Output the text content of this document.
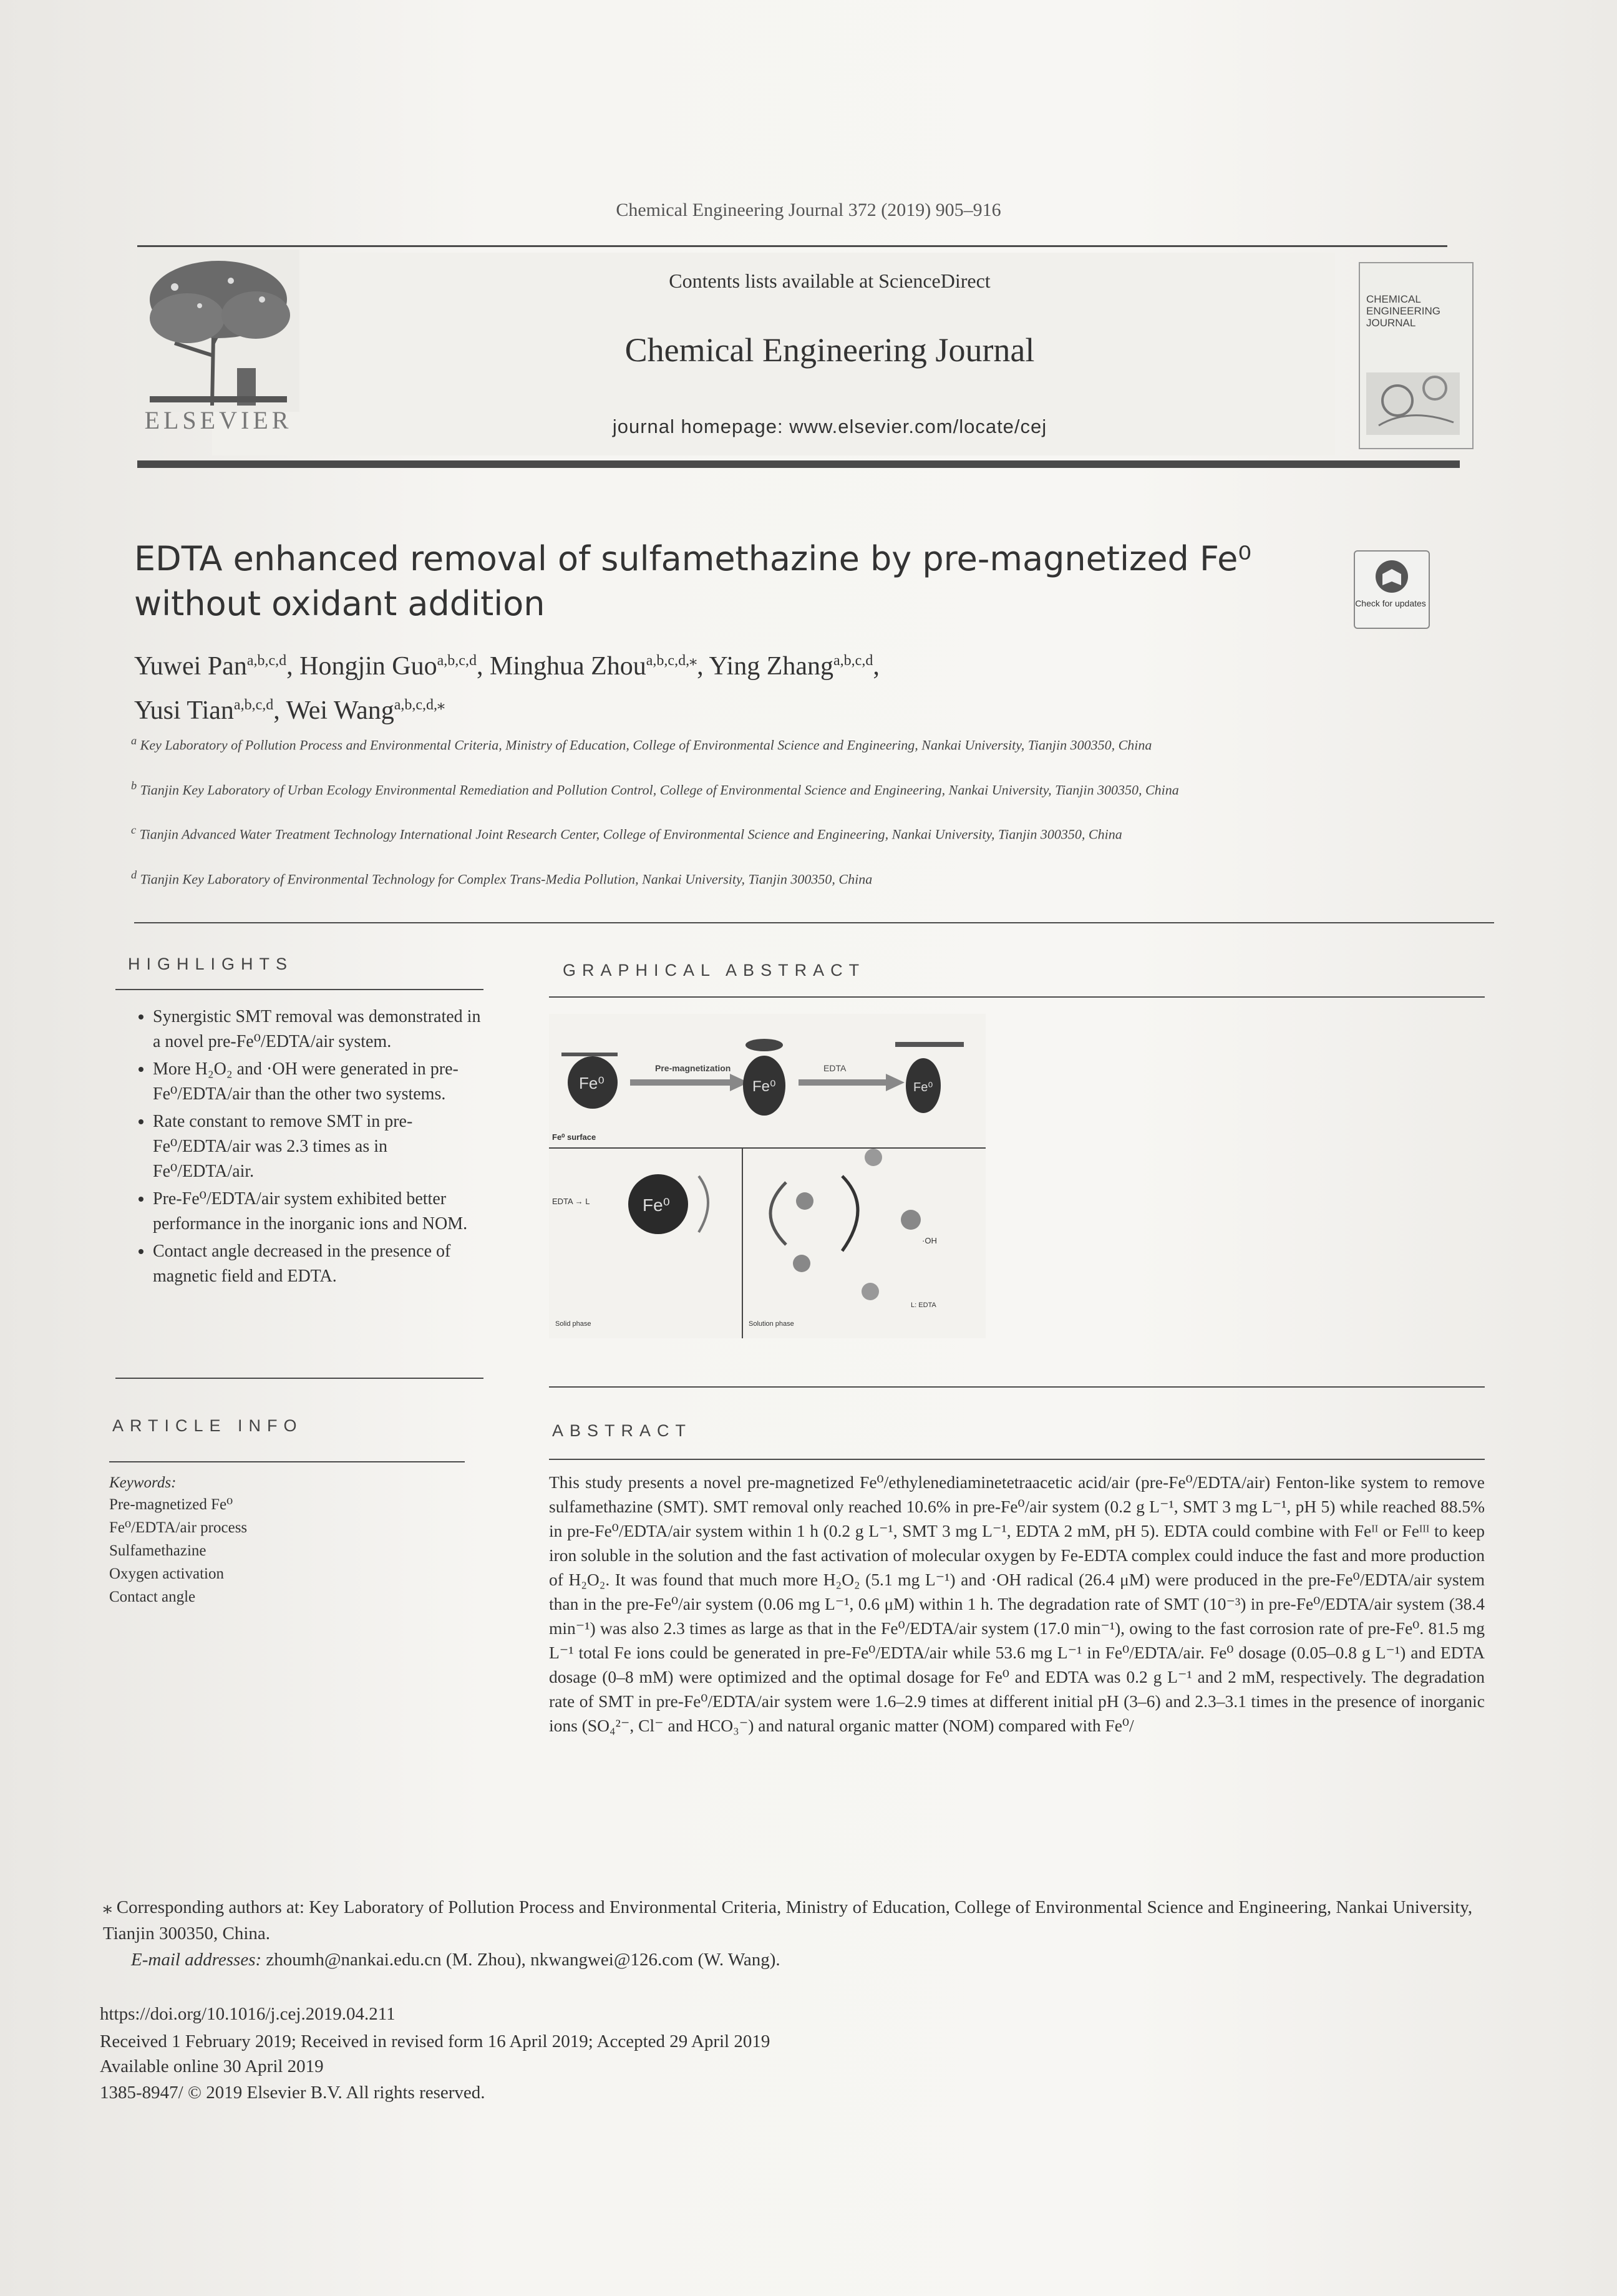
Chemical Engineering Journal 372 (2019) 905–916
ELSEVIER
Contents lists available at ScienceDirect
Chemical Engineering Journal
journal homepage: www.elsevier.com/locate/cej
CHEMICAL ENGINEERING JOURNAL
EDTA enhanced removal of sulfamethazine by pre-magnetized Fe⁰ without oxidant addition	Check for updates
Yuwei Pan$^{a,b,c,d}$, Hongjin Guo$^{a,b,c,d}$, Minghua Zhou$^{a,b,c,d,⁎}$, Ying Zhang$^{a,b,c,d}$,
Yusi Tian$^{a,b,c,d}$, Wei Wang$^{a,b,c,d,⁎}$
$^a$ Key Laboratory of Pollution Process and Environmental Criteria, Ministry of Education, College of Environmental Science and Engineering, Nankai University, Tianjin 300350, China
$^b$ Tianjin Key Laboratory of Urban Ecology Environmental Remediation and Pollution Control, College of Environmental Science and Engineering, Nankai University, Tianjin 300350, China
$^c$ Tianjin Advanced Water Treatment Technology International Joint Research Center, College of Environmental Science and Engineering, Nankai University, Tianjin 300350, China
$^d$ Tianjin Key Laboratory of Environmental Technology for Complex Trans-Media Pollution, Nankai University, Tianjin 300350, China
HIGHLIGHTS
• Synergistic SMT removal was demonstrated in a novel pre-Fe⁰/EDTA/air system.
• More H₂O₂ and ·OH were generated in pre-Fe⁰/EDTA/air than the other two systems.
• Rate constant to remove SMT in pre-Fe⁰/EDTA/air was 2.3 times as in Fe⁰/EDTA/air.
• Pre-Fe⁰/EDTA/air system exhibited better performance in the inorganic ions and NOM.
• Contact angle decreased in the presence of magnetic field and EDTA.
GRAPHICAL ABSTRACT
Fe⁰
Pre-magnetization
Fe⁰
EDTA
Fe⁰
Fe⁰ surface
EDTA → L	Fe⁰
·OH
Solid phase	Solution phase
L: EDTA
ARTICLE INFO
Keywords:
Pre-magnetized Fe⁰
Fe⁰/EDTA/air process
Sulfamethazine
Oxygen activation
Contact angle
ABSTRACT
This study presents a novel pre-magnetized Fe⁰/ethylenediaminetetraacetic acid/air (pre-Fe⁰/EDTA/air) Fenton-like system to remove sulfamethazine (SMT). SMT removal only reached 10.6% in pre-Fe⁰/air system (0.2 g L⁻¹, SMT 3 mg L⁻¹, pH 5) while reached 88.5% in pre-Fe⁰/EDTA/air system within 1 h (0.2 g L⁻¹, SMT 3 mg L⁻¹, EDTA 2 mM, pH 5). EDTA could combine with Feᴵᴵ or Feᴵᴵᴵ to keep iron soluble in the solution and the fast activation of molecular oxygen by Fe-EDTA complex could induce the fast and more production of H₂O₂. It was found that much more H₂O₂ (5.1 mg L⁻¹) and ·OH radical (26.4 μM) were produced in the pre-Fe⁰/EDTA/air system than in the pre-Fe⁰/air system (0.06 mg L⁻¹, 0.6 μM) within 1 h. The degradation rate of SMT (10⁻³) in pre-Fe⁰/EDTA/air system (38.4 min⁻¹) was also 2.3 times as large as that in the Fe⁰/EDTA/air system (17.0 min⁻¹), owing to the fast corrosion rate of pre-Fe⁰. 81.5 mg L⁻¹ total Fe ions could be generated in pre-Fe⁰/EDTA/air while 53.6 mg L⁻¹ in Fe⁰/EDTA/air. Fe⁰ dosage (0.05–0.8 g L⁻¹) and EDTA dosage (0–8 mM) were optimized and the optimal dosage for Fe⁰ and EDTA was 0.2 g L⁻¹ and 2 mM, respectively. The degradation rate of SMT in pre-Fe⁰/EDTA/air system were 1.6–2.9 times at different initial pH (3–6) and 2.3–3.1 times in the presence of inorganic ions (SO₄²⁻, Cl⁻ and HCO₃⁻) and natural organic matter (NOM) compared with Fe⁰/
⁎ Corresponding authors at: Key Laboratory of Pollution Process and Environmental Criteria, Ministry of Education, College of Environmental Science and Engineering, Nankai University, Tianjin 300350, China.
E-mail addresses: zhoumh@nankai.edu.cn (M. Zhou), nkwangwei@126.com (W. Wang).
https://doi.org/10.1016/j.cej.2019.04.211
Received 1 February 2019; Received in revised form 16 April 2019; Accepted 29 April 2019
Available online 30 April 2019
1385-8947/ © 2019 Elsevier B.V. All rights reserved.
